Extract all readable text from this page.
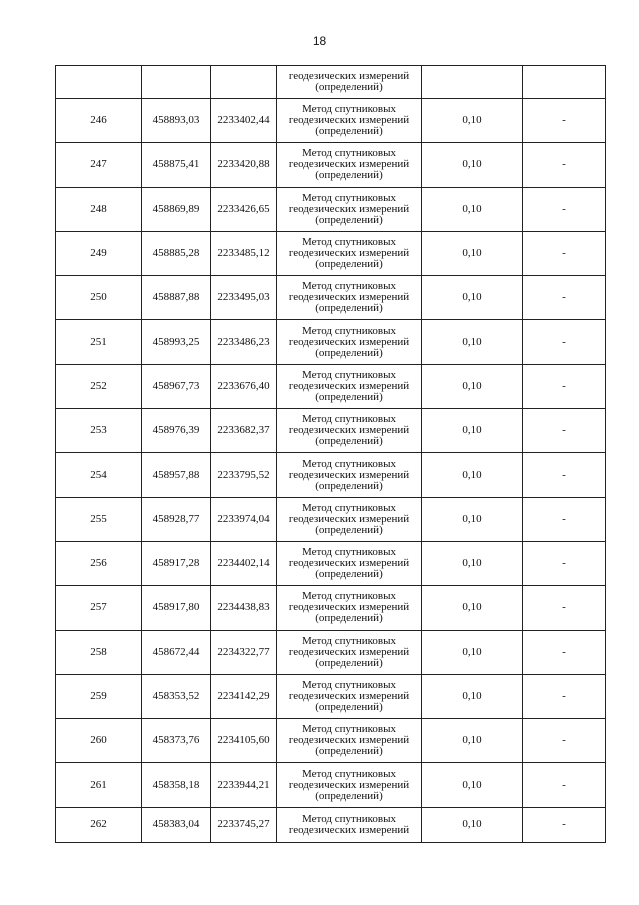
18

			геодезических измерений
(определений)		

246	458893,03	2233402,44	Метод спутниковых
геодезических измерений
(определений)	0,10	-
247	458875,41	2233420,88	Метод спутниковых
геодезических измерений
(определений)	0,10	-
248	458869,89	2233426,65	Метод спутниковых
геодезических измерений
(определений)	0,10	-
249	458885,28	2233485,12	Метод спутниковых
геодезических измерений
(определений)	0,10	-
250	458887,88	2233495,03	Метод спутниковых
геодезических измерений
(определений)	0,10	-
251	458993,25	2233486,23	Метод спутниковых
геодезических измерений
(определений)	0,10	-
252	458967,73	2233676,40	Метод спутниковых
геодезических измерений
(определений)	0,10	-
253	458976,39	2233682,37	Метод спутниковых
геодезических измерений
(определений)	0,10	-
254	458957,88	2233795,52	Метод спутниковых
геодезических измерений
(определений)	0,10	-
255	458928,77	2233974,04	Метод спутниковых
геодезических измерений
(определений)	0,10	-
256	458917,28	2234402,14	Метод спутниковых
геодезических измерений
(определений)	0,10	-
257	458917,80	2234438,83	Метод спутниковых
геодезических измерений
(определений)	0,10	-
258	458672,44	2234322,77	Метод спутниковых
геодезических измерений
(определений)	0,10	-
259	458353,52	2234142,29	Метод спутниковых
геодезических измерений
(определений)	0,10	-
260	458373,76	2234105,60	Метод спутниковых
геодезических измерений
(определений)	0,10	-
261	458358,18	2233944,21	Метод спутниковых
геодезических измерений
(определений)	0,10	-
262	458383,04	2233745,27	Метод спутниковых
геодезических измерений	0,10	-
